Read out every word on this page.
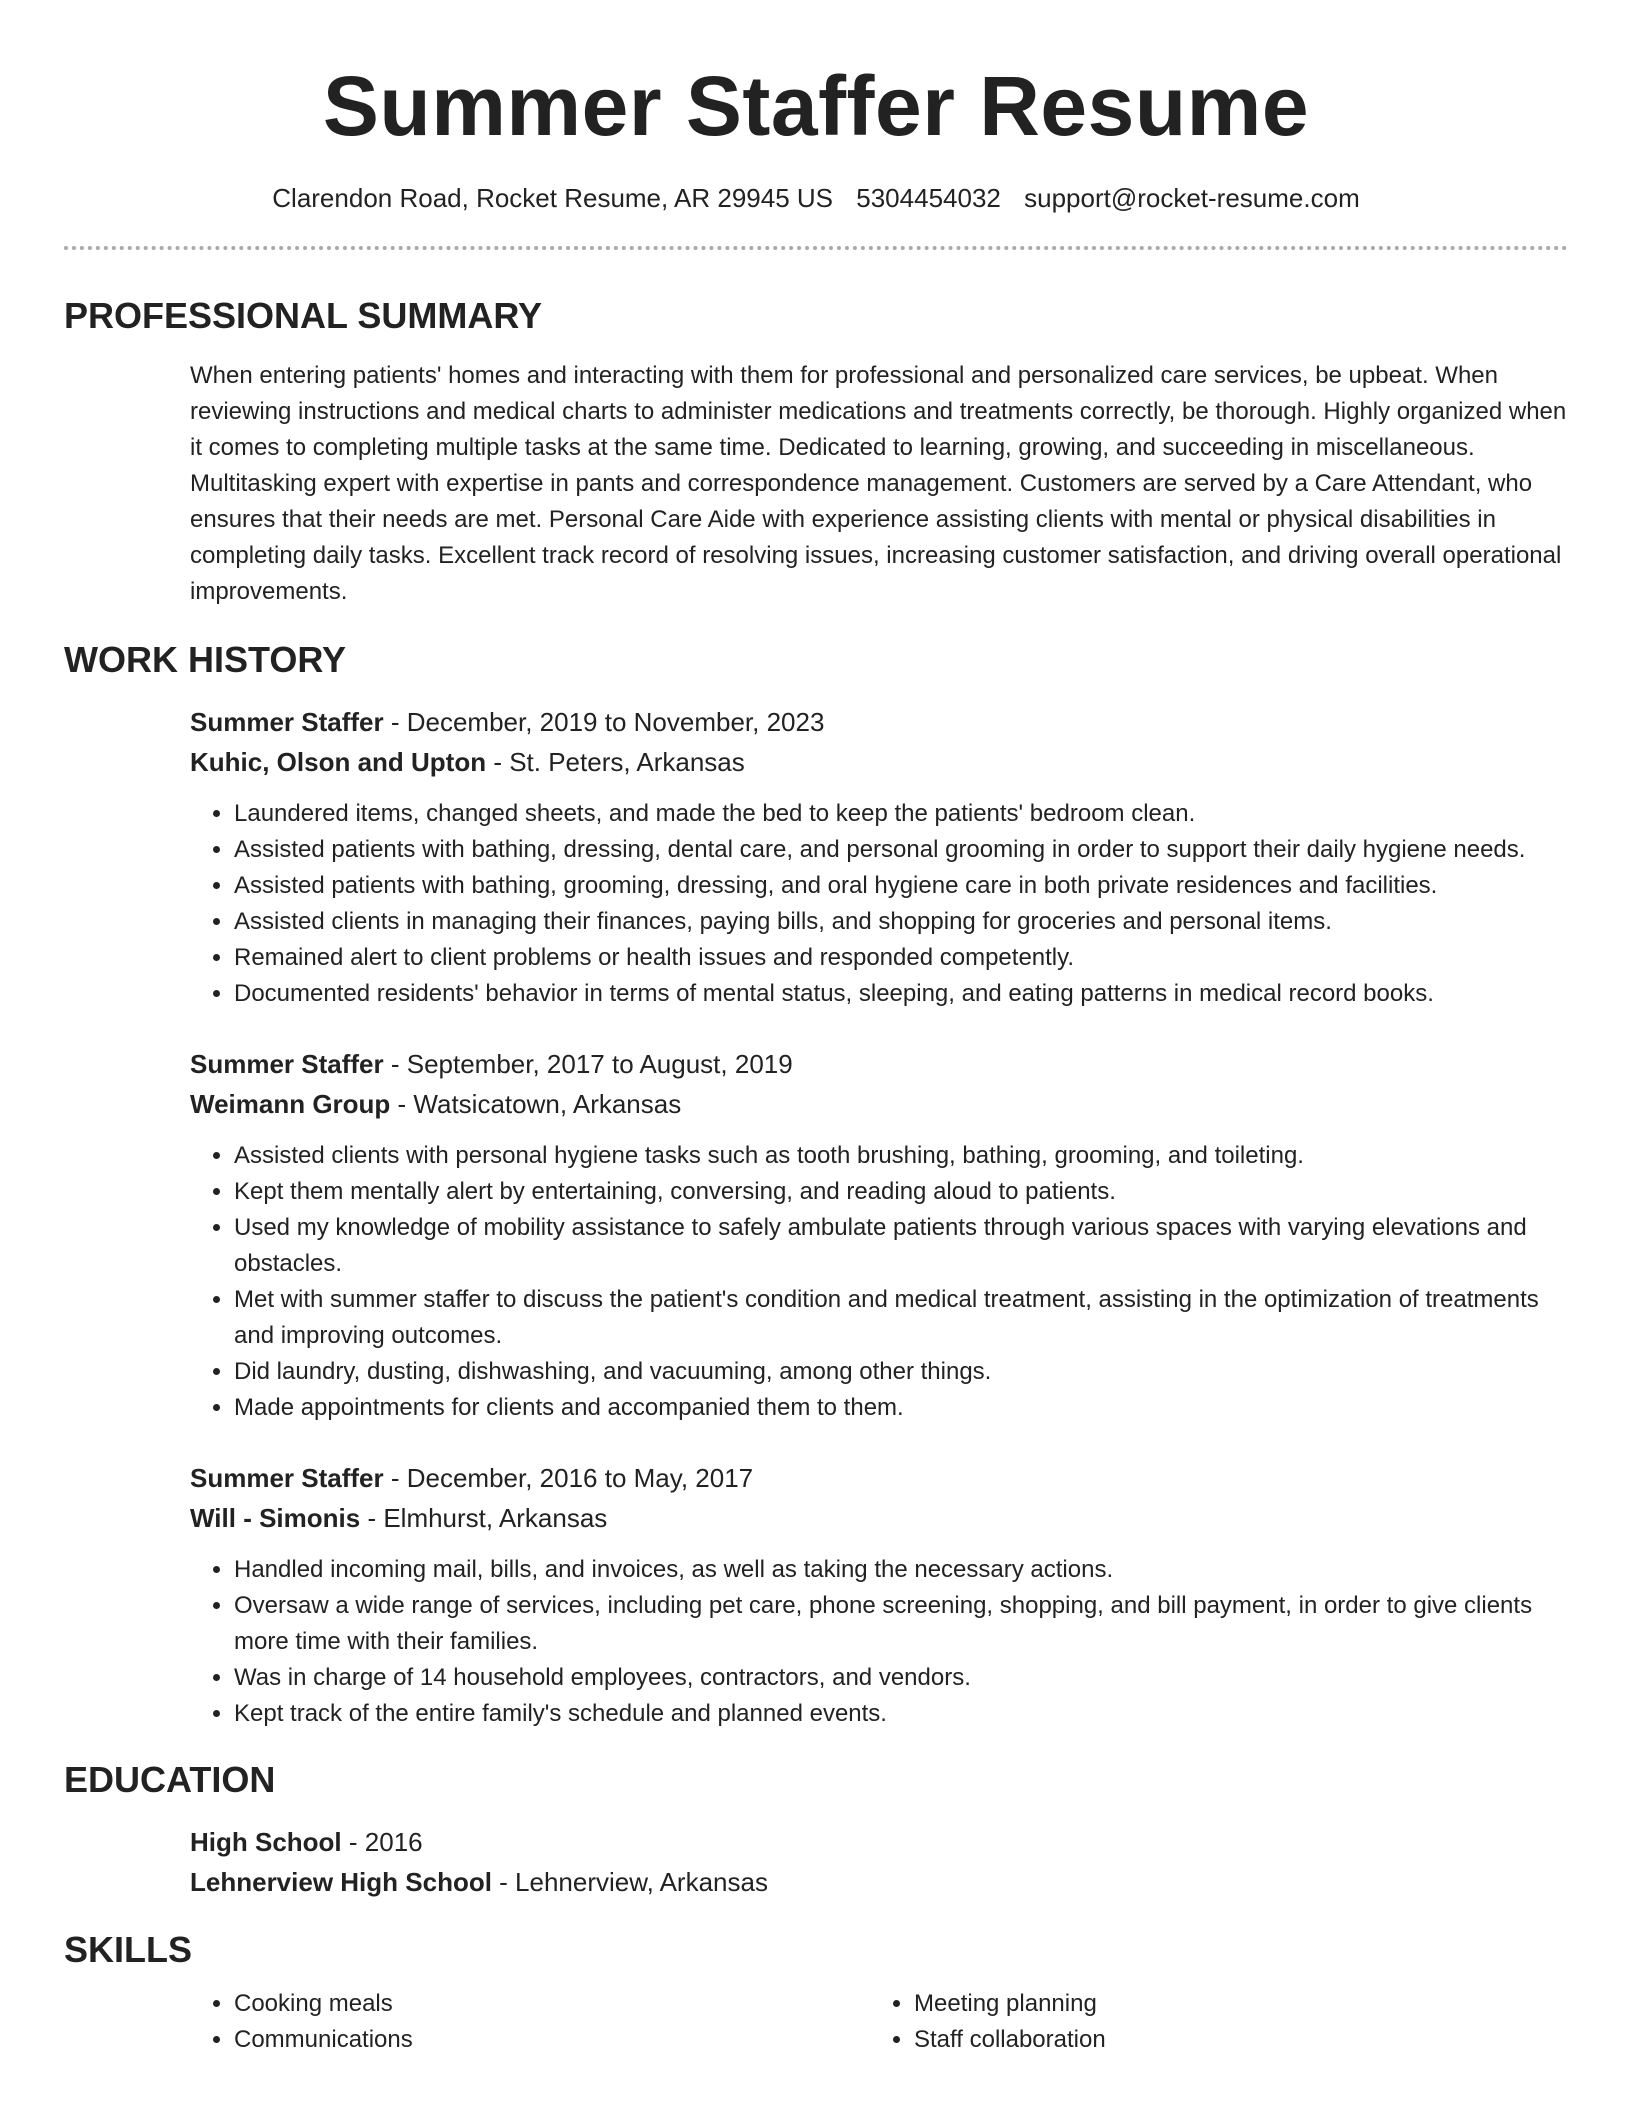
Summer Staffer Resume
Clarendon Road, Rocket Resume, AR 29945 US 5304454032 support@rocket-resume.com
PROFESSIONAL SUMMARY
When entering patients' homes and interacting with them for professional and personalized care services, be upbeat. When reviewing instructions and medical charts to administer medications and treatments correctly, be thorough. Highly organized when it comes to completing multiple tasks at the same time. Dedicated to learning, growing, and succeeding in miscellaneous. Multitasking expert with expertise in pants and correspondence management. Customers are served by a Care Attendant, who ensures that their needs are met. Personal Care Aide with experience assisting clients with mental or physical disabilities in completing daily tasks. Excellent track record of resolving issues, increasing customer satisfaction, and driving overall operational improvements.
WORK HISTORY
Summer Staffer - December, 2019 to November, 2023
Kuhic, Olson and Upton - St. Peters, Arkansas
• Laundered items, changed sheets, and made the bed to keep the patients' bedroom clean.
• Assisted patients with bathing, dressing, dental care, and personal grooming in order to support their daily hygiene needs.
• Assisted patients with bathing, grooming, dressing, and oral hygiene care in both private residences and facilities.
• Assisted clients in managing their finances, paying bills, and shopping for groceries and personal items.
• Remained alert to client problems or health issues and responded competently.
• Documented residents' behavior in terms of mental status, sleeping, and eating patterns in medical record books.
Summer Staffer - September, 2017 to August, 2019
Weimann Group - Watsicatown, Arkansas
• Assisted clients with personal hygiene tasks such as tooth brushing, bathing, grooming, and toileting.
• Kept them mentally alert by entertaining, conversing, and reading aloud to patients.
• Used my knowledge of mobility assistance to safely ambulate patients through various spaces with varying elevations and obstacles.
• Met with summer staffer to discuss the patient's condition and medical treatment, assisting in the optimization of treatments and improving outcomes.
• Did laundry, dusting, dishwashing, and vacuuming, among other things.
• Made appointments for clients and accompanied them to them.
Summer Staffer - December, 2016 to May, 2017
Will - Simonis - Elmhurst, Arkansas
• Handled incoming mail, bills, and invoices, as well as taking the necessary actions.
• Oversaw a wide range of services, including pet care, phone screening, shopping, and bill payment, in order to give clients more time with their families.
• Was in charge of 14 household employees, contractors, and vendors.
• Kept track of the entire family's schedule and planned events.
EDUCATION
High School - 2016
Lehnerview High School - Lehnerview, Arkansas
SKILLS
• Cooking meals
• Communications
• Meeting planning
• Staff collaboration
